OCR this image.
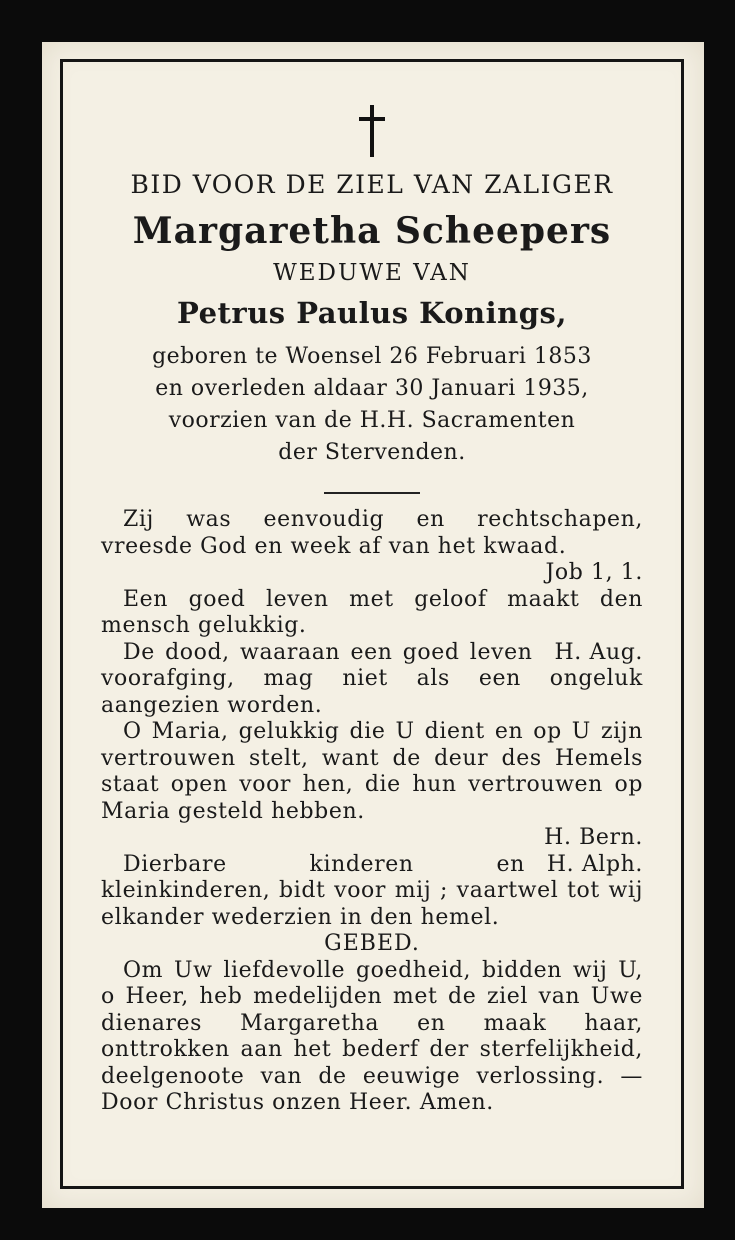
BID VOOR DE ZIEL VAN ZALIGER
Margaretha Scheepers
WEDUWE VAN
Petrus Paulus Konings,
geboren te Woensel 26 Februari 1853
en overleden aldaar 30 Januari 1935,
voorzien van de H.H. Sacramenten
der Stervenden.

Zij was eenvoudig en rechtschapen, vreesde God en week af van het kwaad.

Job 1, 1.

Een goed leven met geloof maakt den mensch gelukkig.

H. Aug.
De dood, waaraan een goed leven voorafging, mag niet als een ongeluk aangezien worden.

O Maria, gelukkig die U dient en op U zijn vertrouwen stelt, want de deur des Hemels staat open voor hen, die hun vertrouwen op Maria gesteld hebben.

H. Bern.

H. Alph.
Dierbare kinderen en kleinkinderen, bidt voor mij ; vaartwel tot wij elkander wederzien in den hemel.

GEBED.

Om Uw liefdevolle goedheid, bidden wij U, o Heer, heb medelijden met de ziel van Uwe dienares Margaretha en maak haar, onttrokken aan het bederf der sterfelijkheid, deelgenoote van de eeuwige verlossing. — Door Christus onzen Heer. Amen.
